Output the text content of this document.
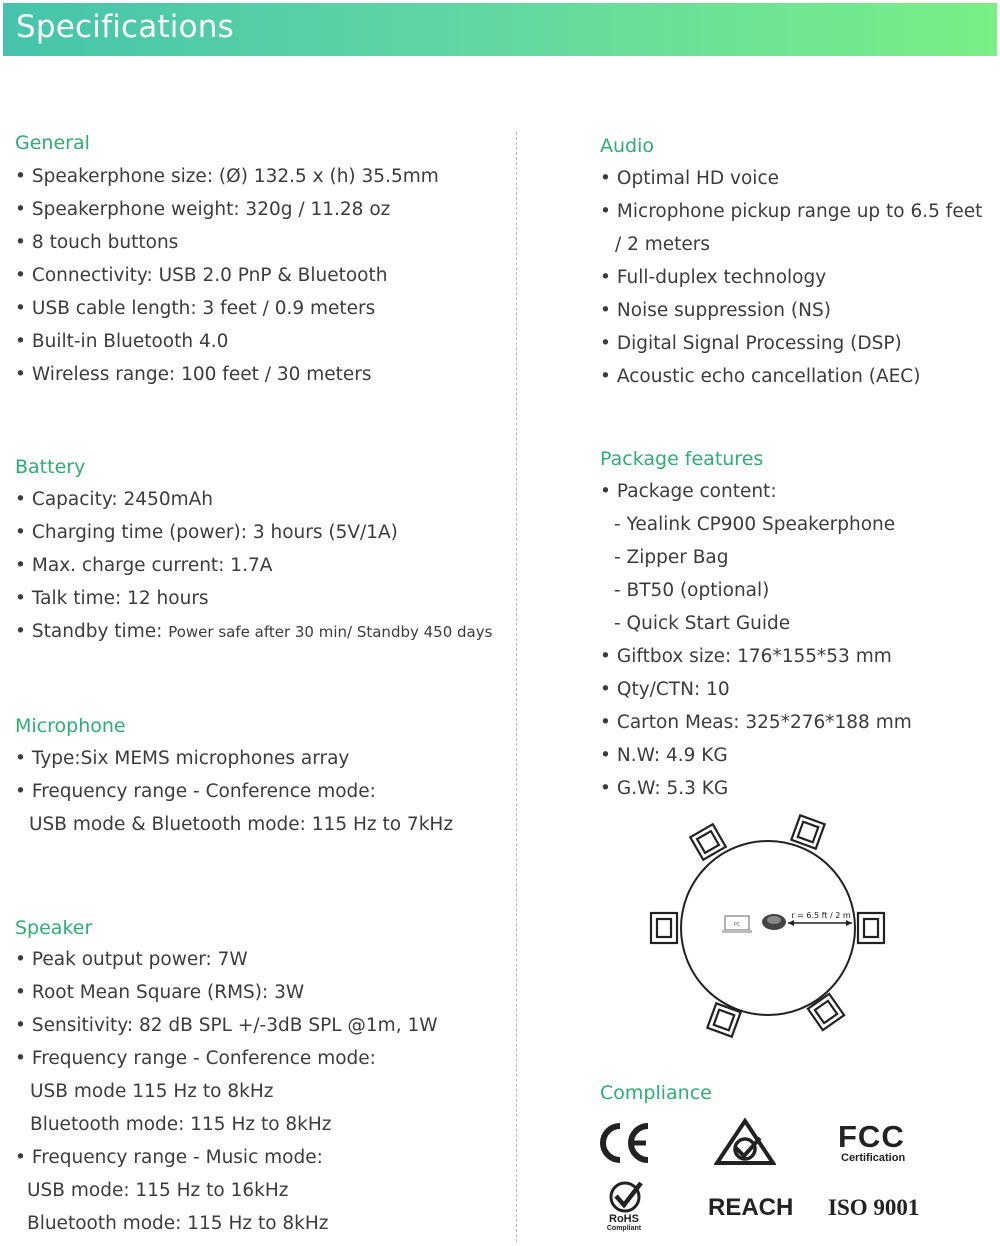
Specifications
General
• Speakerphone size: (Ø) 132.5 x (h) 35.5mm
• Speakerphone weight: 320g / 11.28 oz
• 8 touch buttons
• Connectivity: USB 2.0 PnP & Bluetooth
• USB cable length: 3 feet / 0.9 meters
• Built-in Bluetooth 4.0
• Wireless range: 100 feet / 30 meters
Battery
• Capacity: 2450mAh
• Charging time (power): 3 hours (5V/1A)
• Max. charge current: 1.7A
• Talk time: 12 hours
• Standby time: Power safe after 30 min/ Standby 450 days
Microphone
• Type:Six MEMS microphones array
• Frequency range - Conference mode:
USB mode & Bluetooth mode: 115 Hz to 7kHz
Speaker
• Peak output power: 7W
• Root Mean Square (RMS): 3W
• Sensitivity: 82 dB SPL +/-3dB SPL @1m, 1W
• Frequency range - Conference mode:
USB mode 115 Hz to 8kHz
Bluetooth mode: 115 Hz to 8kHz
• Frequency range - Music mode:
USB mode: 115 Hz to 16kHz
Bluetooth mode: 115 Hz to 8kHz
Audio
• Optimal HD voice
• Microphone pickup range up to 6.5 feet
/ 2 meters
• Full-duplex technology
• Noise suppression (NS)
• Digital Signal Processing (DSP)
• Acoustic echo cancellation (AEC)
Package features
• Package content:
- Yealink CP900 Speakerphone
- Zipper Bag
- BT50 (optional)
- Quick Start Guide
• Giftbox size: 176*155*53 mm
• Qty/CTN: 10
• Carton Meas: 325*276*188 mm
• N.W: 4.9 KG
• G.W: 5.3 KG
PC
r = 6.5 ft / 2 m
Compliance
FCC
Certification
RoHS
Compliant
REACH ISO 9001
